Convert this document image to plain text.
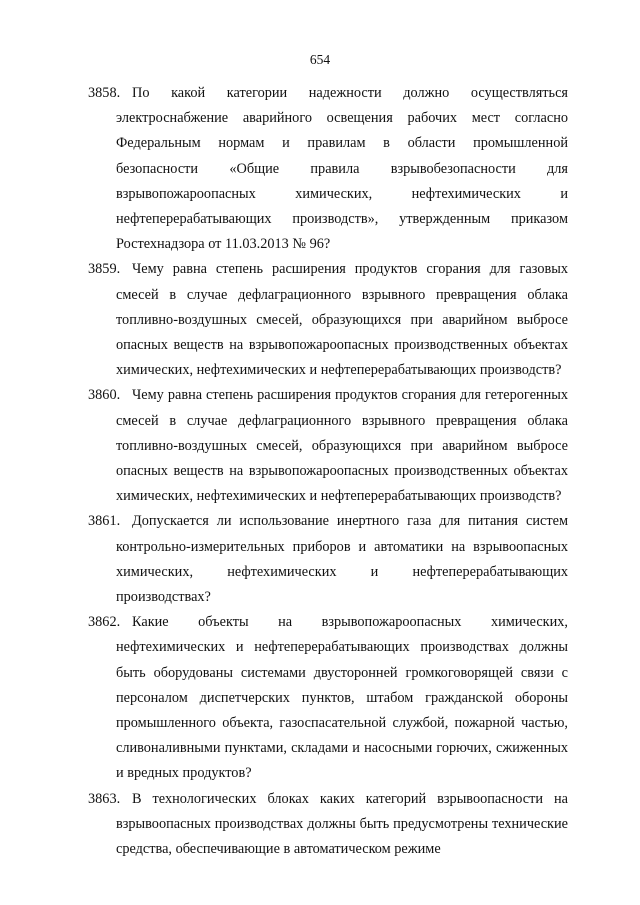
654
3858. По какой категории надежности должно осуществляться электроснабжение аварийного освещения рабочих мест согласно Федеральным нормам и правилам в области промышленной безопасности «Общие правила взрывобезопасности для взрывопожароопасных химических, нефтехимических и нефтеперерабатывающих производств», утвержденным приказом Ростехнадзора от 11.03.2013 № 96?
3859. Чему равна степень расширения продуктов сгорания для газовых смесей в случае дефлаграционного взрывного превращения облака топливно-воздушных смесей, образующихся при аварийном выбросе опасных веществ на взрывопожароопасных производственных объектах химических, нефтехимических и нефтеперерабатывающих производств?
3860. Чему равна степень расширения продуктов сгорания для гетерогенных смесей в случае дефлаграционного взрывного превращения облака топливно-воздушных смесей, образующихся при аварийном выбросе опасных веществ на взрывопожароопасных производственных объектах химических, нефтехимических и нефтеперерабатывающих производств?
3861. Допускается ли использование инертного газа для питания систем контрольно-измерительных приборов и автоматики на взрывоопасных химических, нефтехимических и нефтеперерабатывающих производствах?
3862. Какие объекты на взрывопожароопасных химических, нефтехимических и нефтеперерабатывающих производствах должны быть оборудованы системами двусторонней громкоговорящей связи с персоналом диспетчерских пунктов, штабом гражданской обороны промышленного объекта, газоспасательной службой, пожарной частью, сливоналивными пунктами, складами и насосными горючих, сжиженных и вредных продуктов?
3863. В технологических блоках каких категорий взрывоопасности на взрывоопасных производствах должны быть предусмотрены технические средства, обеспечивающие в автоматическом режиме
